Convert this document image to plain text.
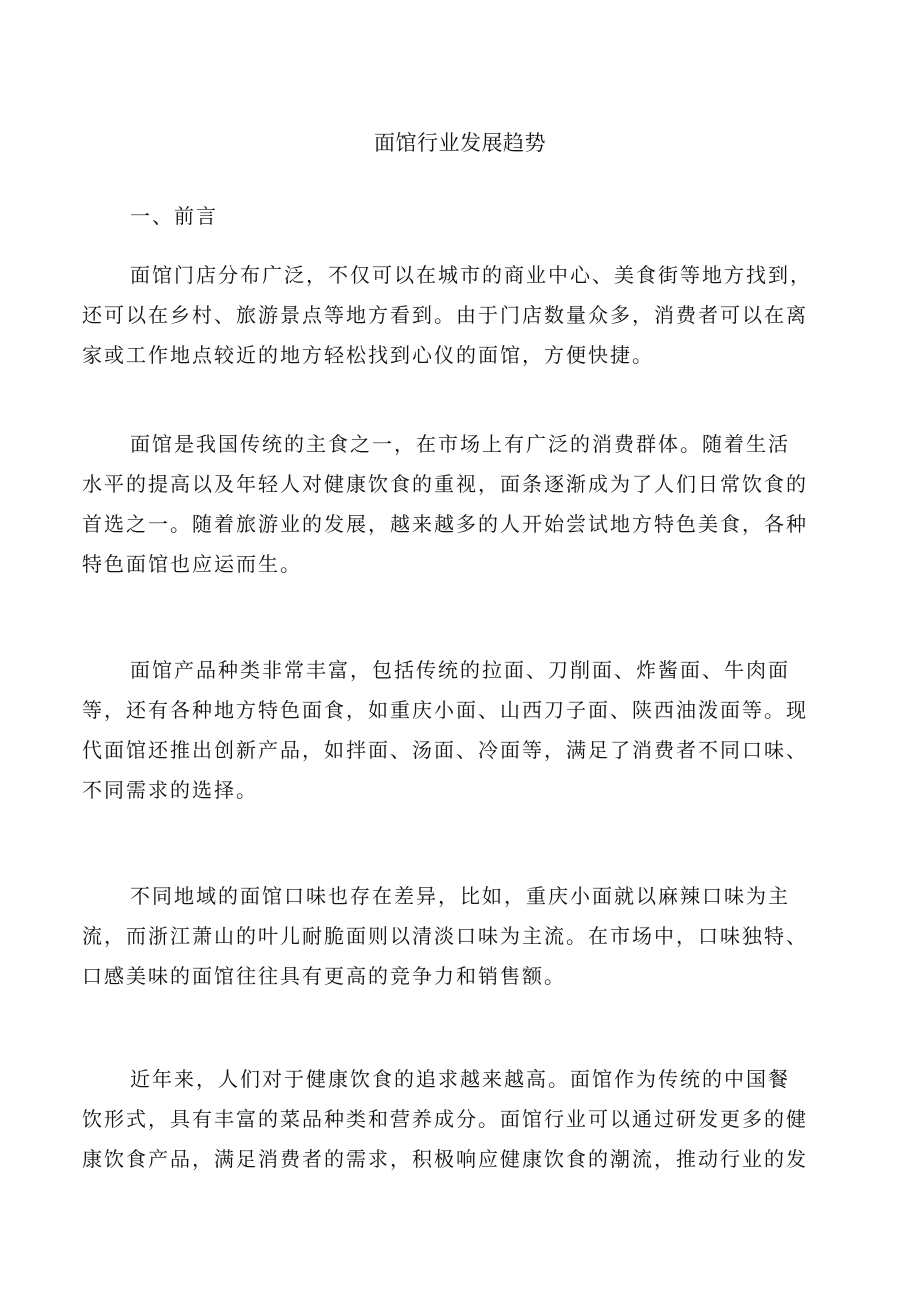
面馆行业发展趋势
一、前言

面馆门店分布广泛，不仅可以在城市的商业中心、美食街等地方找到，
还可以在乡村、旅游景点等地方看到。由于门店数量众多，消费者可以在离
家或工作地点较近的地方轻松找到心仪的面馆，方便快捷。

面馆是我国传统的主食之一，在市场上有广泛的消费群体。随着生活
水平的提高以及年轻人对健康饮食的重视，面条逐渐成为了人们日常饮食的
首选之一。随着旅游业的发展，越来越多的人开始尝试地方特色美食，各种
特色面馆也应运而生。

面馆产品种类非常丰富，包括传统的拉面、刀削面、炸酱面、牛肉面
等，还有各种地方特色面食，如重庆小面、山西刀子面、陕西油泼面等。现
代面馆还推出创新产品，如拌面、汤面、冷面等，满足了消费者不同口味、
不同需求的选择。

不同地域的面馆口味也存在差异，比如，重庆小面就以麻辣口味为主
流，而浙江萧山的叶儿耐脆面则以清淡口味为主流。在市场中，口味独特、
口感美味的面馆往往具有更高的竞争力和销售额。

近年来，人们对于健康饮食的追求越来越高。面馆作为传统的中国餐
饮形式，具有丰富的菜品种类和营养成分。面馆行业可以通过研发更多的健
康饮食产品，满足消费者的需求，积极响应健康饮食的潮流，推动行业的发
